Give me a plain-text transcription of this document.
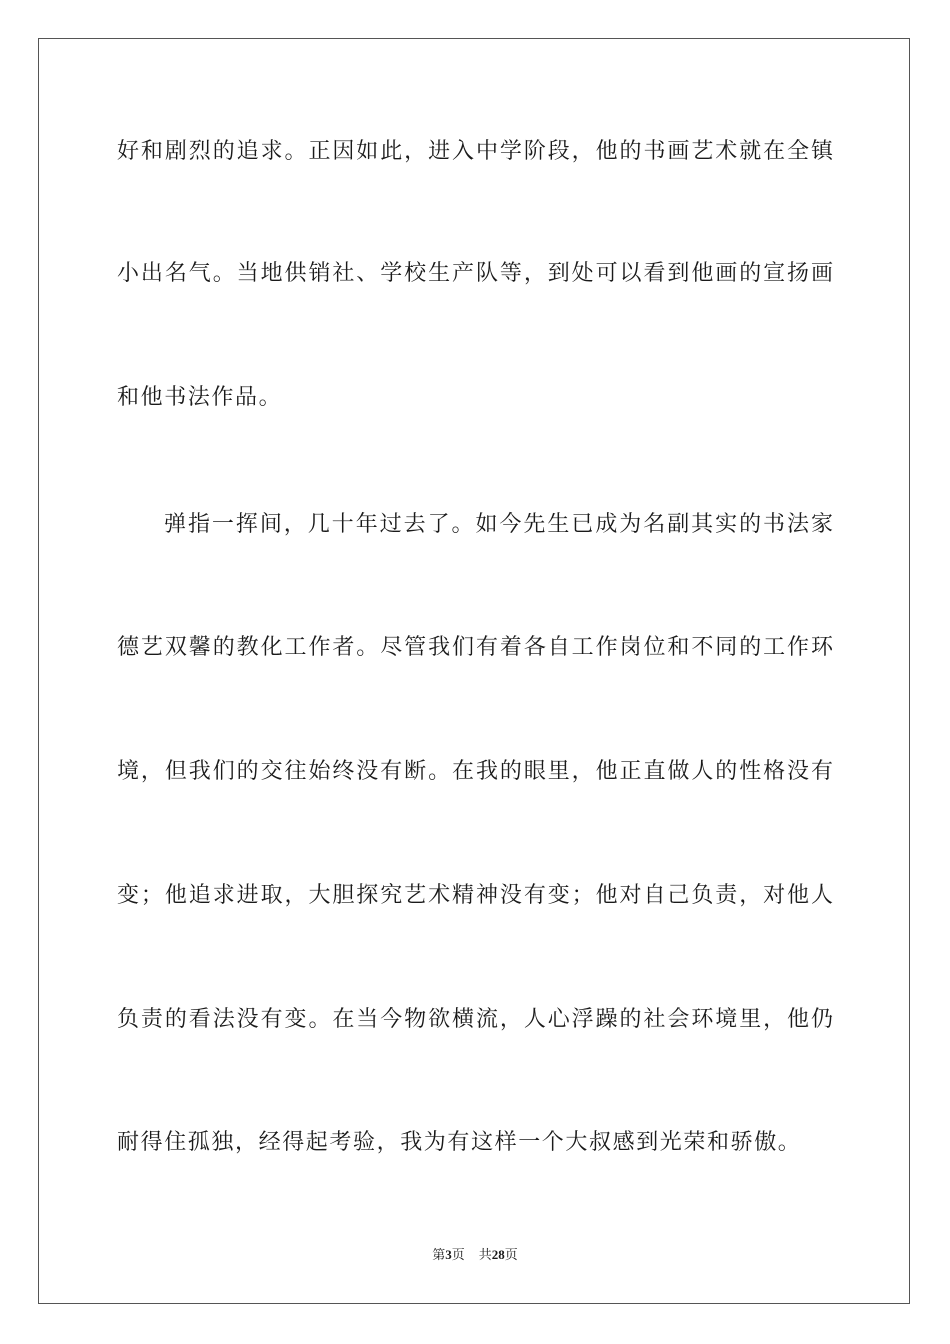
好和剧烈的追求。正因如此，进入中学阶段，他的书画艺术就在全镇
小出名气。当地供销社、学校生产队等，到处可以看到他画的宣扬画
和他书法作品。
弹指一挥间，几十年过去了。如今先生已成为名副其实的书法家
德艺双馨的教化工作者。尽管我们有着各自工作岗位和不同的工作环
境，但我们的交往始终没有断。在我的眼里，他正直做人的性格没有
变；他追求进取，大胆探究艺术精神没有变；他对自己负责，对他人
负责的看法没有变。在当今物欲横流，人心浮躁的社会环境里，他仍
耐得住孤独，经得起考验，我为有这样一个大叔感到光荣和骄傲。
第3页 共28页
